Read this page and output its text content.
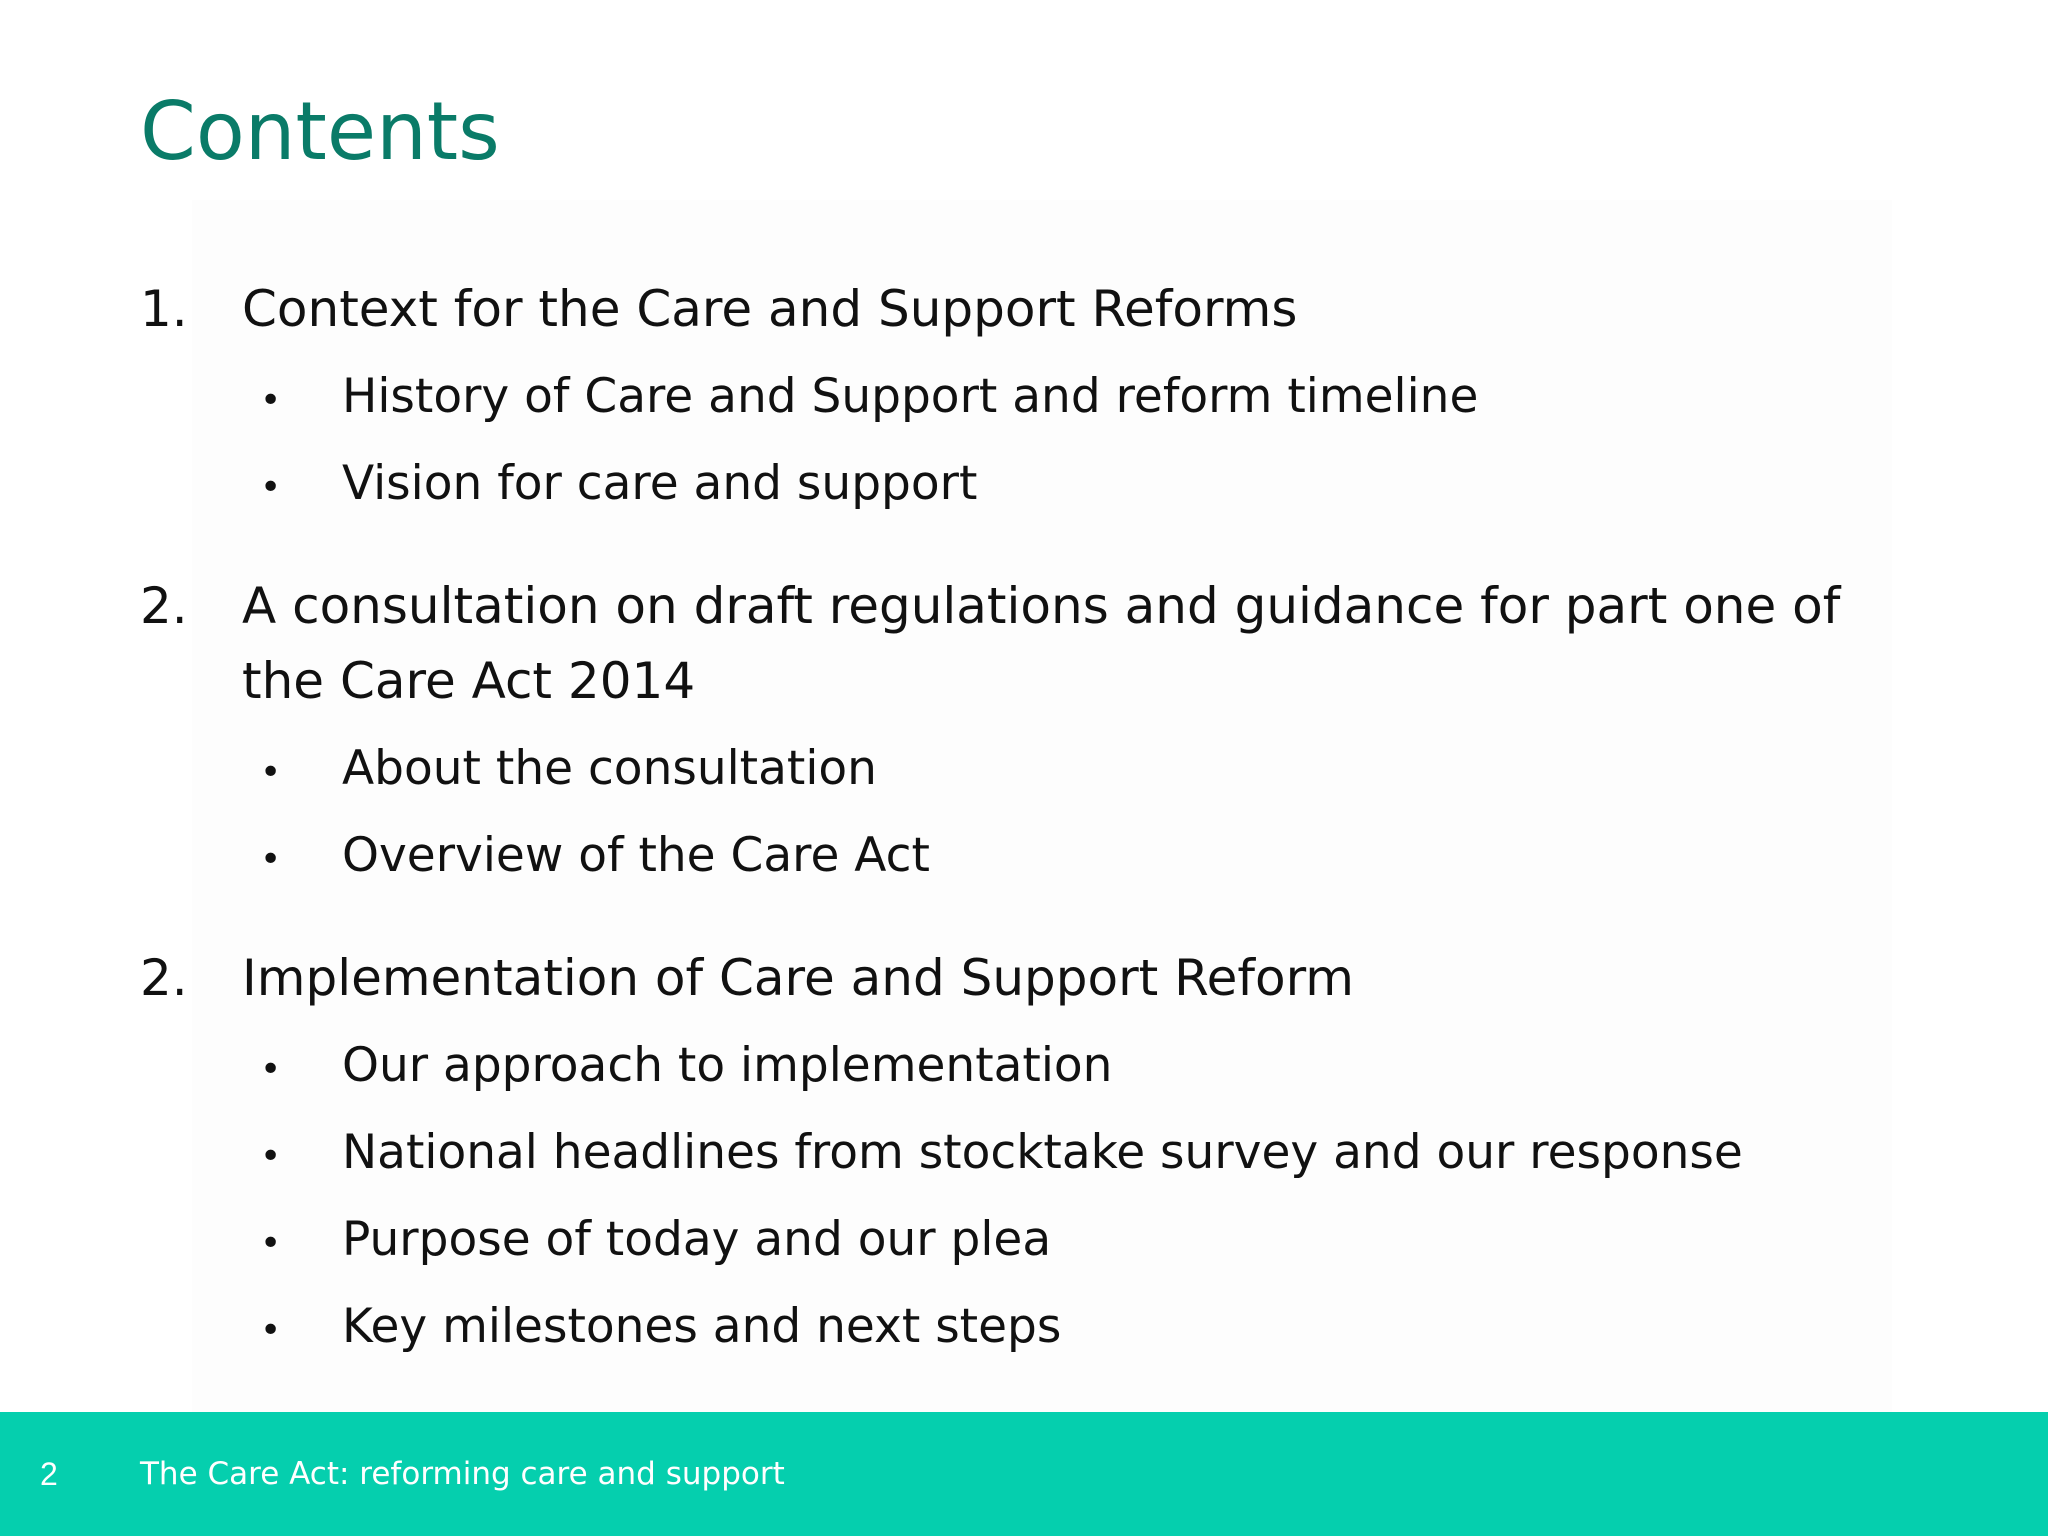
Contents
1.	Context for the Care and Support Reforms
•	History of Care and Support and reform timeline
•	Vision for care and support
2.	A consultation on draft regulations and guidance for part one of the Care Act 2014
•	About the consultation
•	Overview of the Care Act
2.	Implementation of Care and Support Reform
•	Our approach to implementation
•	National headlines from stocktake survey and our response
•	Purpose of today and our plea
•	Key milestones and next steps
2	The Care Act: reforming care and support
